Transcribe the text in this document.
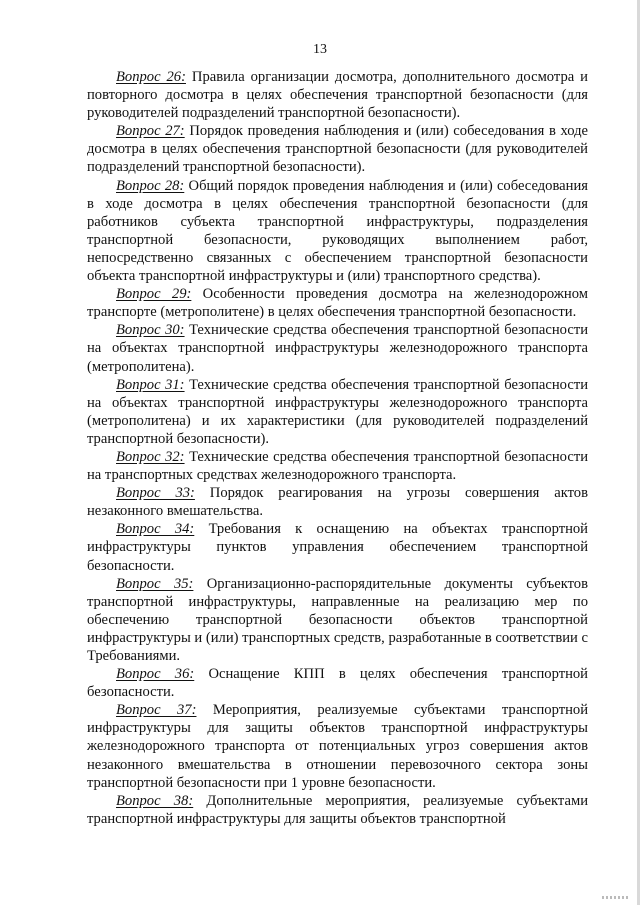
13

Вопрос 26: Правила организации досмотра, дополнительного досмотра и повторного досмотра в целях обеспечения транспортной безопасности (для руководителей подразделений транспортной безопасности).

Вопрос 27: Порядок проведения наблюдения и (или) собеседования в ходе досмотра в целях обеспечения транспортной безопасности (для руководителей подразделений транспортной безопасности).

Вопрос 28: Общий порядок проведения наблюдения и (или) собеседования в ходе досмотра в целях обеспечения транспортной безопасности (для работников субъекта транспортной инфраструктуры, подразделения транспортной безопасности, руководящих выполнением работ, непосредственно связанных с обеспечением транспортной безопасности объекта транспортной инфраструктуры и (или) транспортного средства).

Вопрос 29: Особенности проведения досмотра на железнодорожном транспорте (метрополитене) в целях обеспечения транспортной безопасности.

Вопрос 30: Технические средства обеспечения транспортной безопасности на объектах транспортной инфраструктуры железнодорожного транспорта (метрополитена).

Вопрос 31: Технические средства обеспечения транспортной безопасности на объектах транспортной инфраструктуры железнодорожного транспорта (метрополитена) и их характеристики (для руководителей подразделений транспортной безопасности).

Вопрос 32: Технические средства обеспечения транспортной безопасности на транспортных средствах железнодорожного транспорта.

Вопрос 33: Порядок реагирования на угрозы совершения актов незаконного вмешательства.

Вопрос 34: Требования к оснащению на объектах транспортной инфраструктуры пунктов управления обеспечением транспортной безопасности.

Вопрос 35: Организационно-распорядительные документы субъектов транспортной инфраструктуры, направленные на реализацию мер по обеспечению транспортной безопасности объектов транспортной инфраструктуры и (или) транспортных средств, разработанные в соответствии с Требованиями.

Вопрос 36: Оснащение КПП в целях обеспечения транспортной безопасности.

Вопрос 37: Мероприятия, реализуемые субъектами транспортной инфраструктуры для защиты объектов транспортной инфраструктуры железнодорожного транспорта от потенциальных угроз совершения актов незаконного вмешательства в отношении перевозочного сектора зоны транспортной безопасности при 1 уровне безопасности.

Вопрос 38: Дополнительные мероприятия, реализуемые субъектами транспортной инфраструктуры для защиты объектов транспортной
